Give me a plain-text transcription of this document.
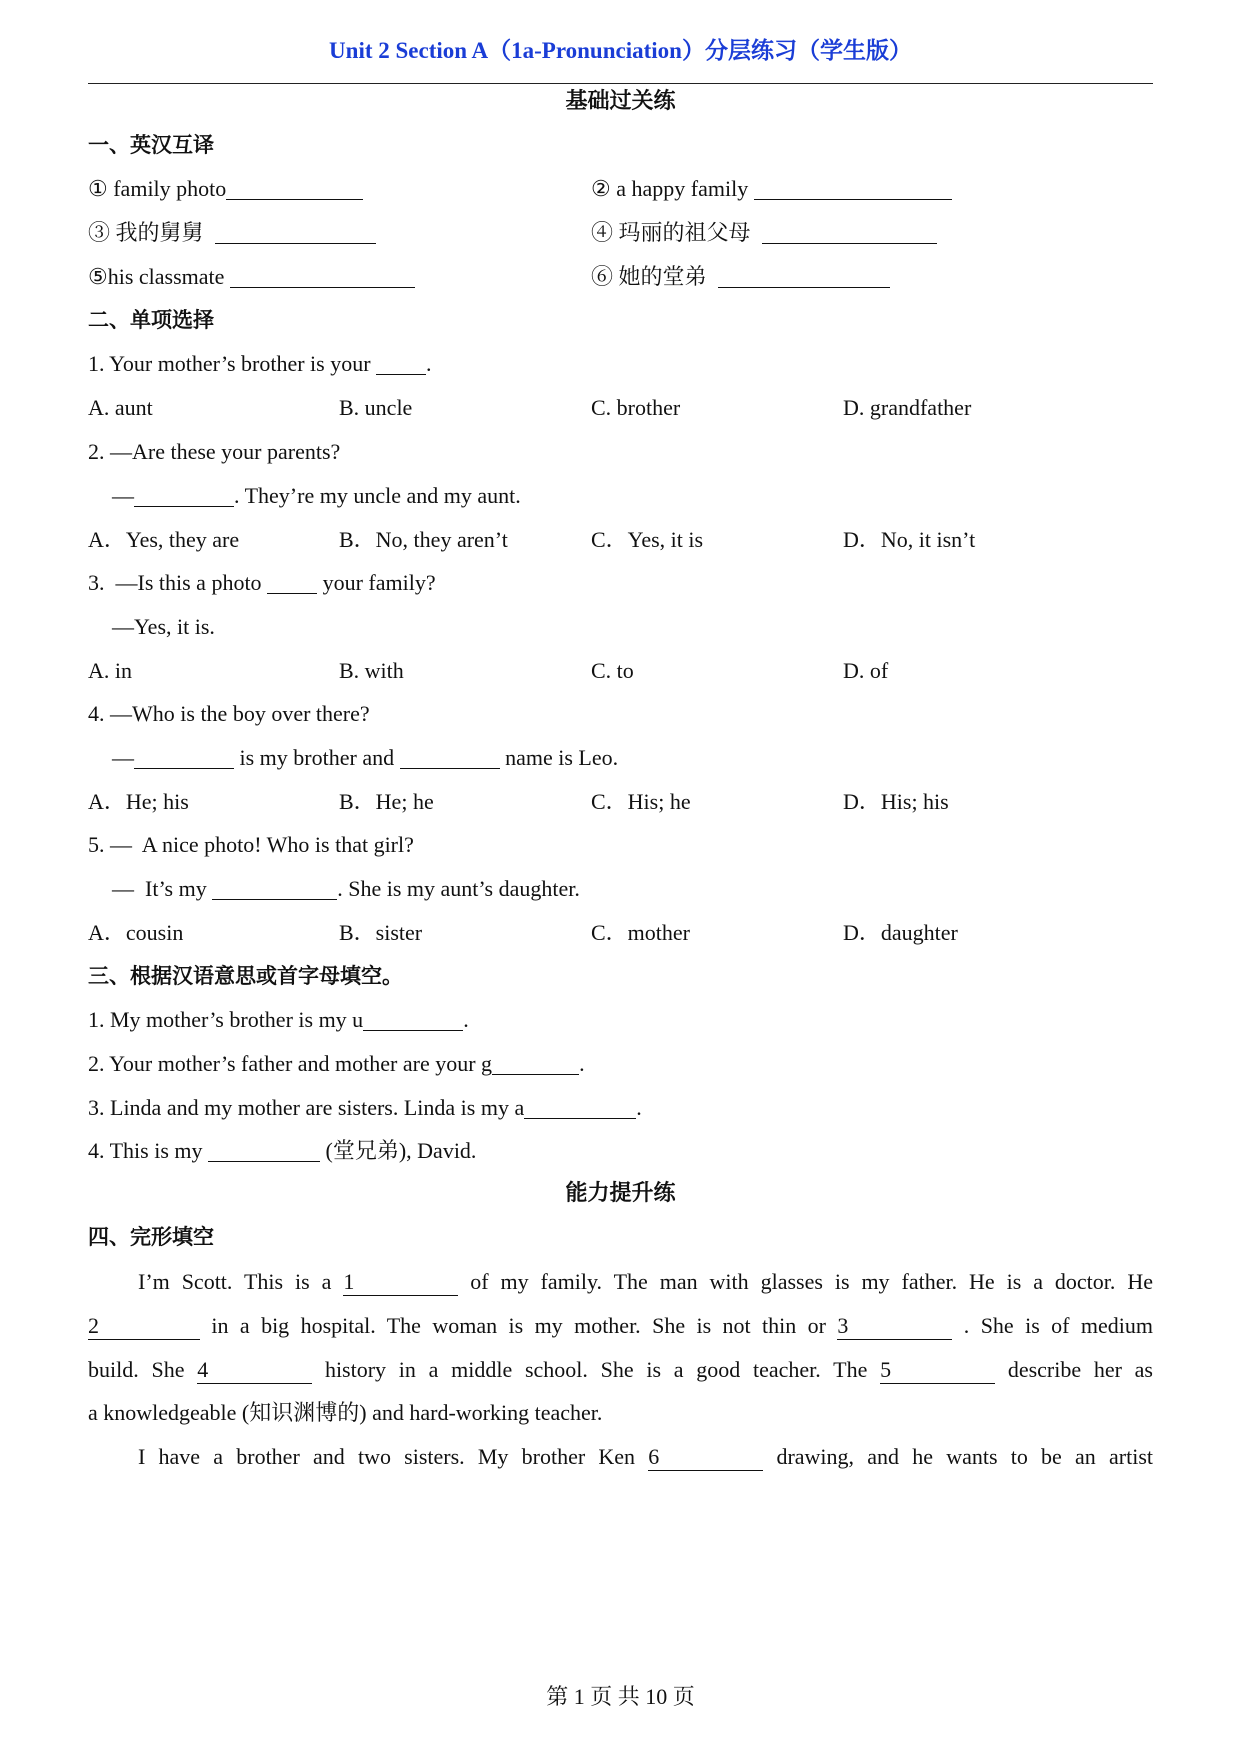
Unit 2 Section A（1a-Pronunciation）分层练习（学生版）
基础过关练
一、英汉互译
① family photo	② a happy family
③ 我的舅舅	④ 玛丽的祖父母
⑤his classmate	⑥ 她的堂弟
二、单项选择
1. Your mother’s brother is your .
A. aunt	B. uncle	C. brother	D. grandfather
2. —Are these your parents?
—	. They’re my uncle and my aunt.
A．Yes, they are	B．No, they aren’t	C．Yes, it is	D．No, it isn’t
3.  —Is this a photo  your family?
—Yes, it is.
A. in	B. with	C. to	D. of
4. —Who is the boy over there?
—	is my brother and	name is Leo.
A．He; his	B．He; he	C．His; he	D．His; his
5. —  A nice photo! Who is that girl?
—  It’s my	. She is my aunt’s daughter.
A．cousin	B．sister	C．mother	D．daughter
三、根据汉语意思或首字母填空。
1. My mother’s brother is my u	.
2. Your mother’s father and mother are your g	.
3. Linda and my mother are sisters. Linda is my a	.
4. This is my	(堂兄弟), David.
能力提升练
四、完形填空
I’m Scott. This is a 1	of my family. The man with glasses is my father. He is a doctor. He
2	in a big hospital. The woman is my mother. She is not thin or 3	. She is of medium
build. She 4	history in a middle school. She is a good teacher. The 5	describe her as
a knowledgeable (知识渊博的) and hard-working teacher.
I have a brother and two sisters. My brother Ken 6	drawing, and he wants to be an artist
第 1 页 共 10 页
